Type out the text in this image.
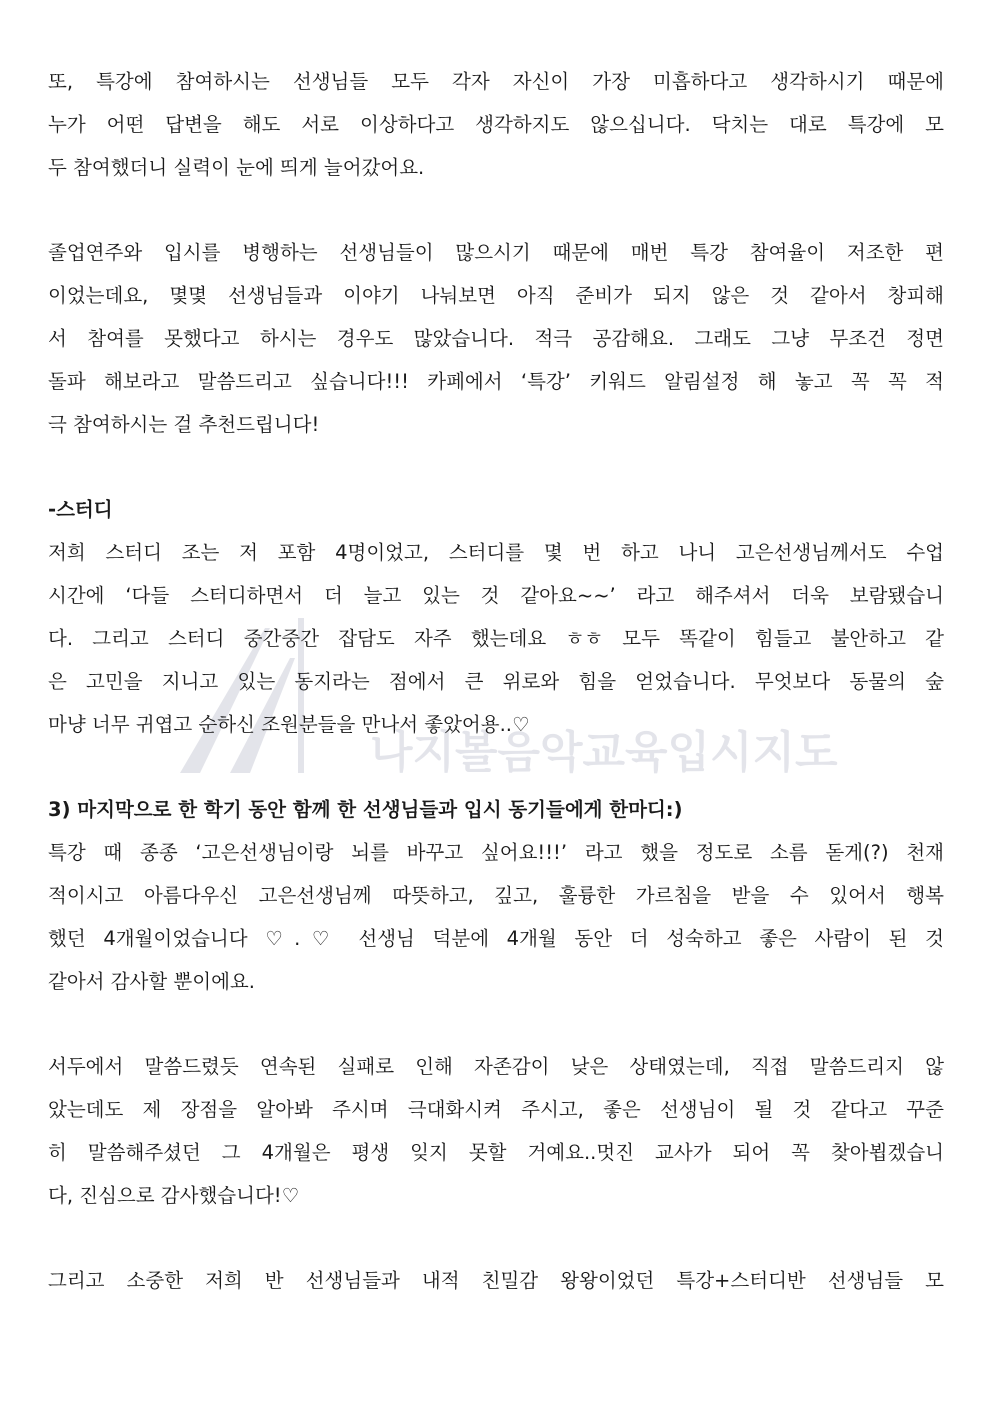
나지볼음악교육입시지도

또, 특강에 참여하시는 선생님들 모두 각자 자신이 가장 미흡하다고 생각하시기 때문에
누가 어떤 답변을 해도 서로 이상하다고 생각하지도 않으십니다. 닥치는 대로 특강에 모
두 참여했더니 실력이 눈에 띄게 늘어갔어요.

졸업연주와 입시를 병행하는 선생님들이 많으시기 때문에 매번 특강 참여율이 저조한 편
이었는데요, 몇몇 선생님들과 이야기 나눠보면 아직 준비가 되지 않은 것 같아서 창피해
서 참여를 못했다고 하시는 경우도 많았습니다. 적극 공감해요. 그래도 그냥 무조건 정면
돌파 해보라고 말씀드리고 싶습니다!!! 카페에서 ‘특강’ 키워드 알림설정 해 놓고 꼭 꼭 적
극 참여하시는 걸 추천드립니다!

-스터디

저희 스터디 조는 저 포함 4명이었고, 스터디를 몇 번 하고 나니 고은선생님께서도 수업
시간에 ‘다들 스터디하면서 더 늘고 있는 것 같아요~~’ 라고 해주셔서 더욱 보람됐습니
다. 그리고 스터디 중간중간 잡담도 자주 했는데요 ㅎㅎ 모두 똑같이 힘들고 불안하고 같
은 고민을 지니고 있는 동지라는 점에서 큰 위로와 힘을 얻었습니다. 무엇보다 동물의 숲
마냥 너무 귀엽고 순하신 조원분들을 만나서 좋았어용..♡

3) 마지막으로 한 학기 동안 함께 한 선생님들과 입시 동기들에게 한마디:)

특강 때 종종 ‘고은선생님이랑 뇌를 바꾸고 싶어요!!!’ 라고 했을 정도로 소름 돋게(?) 천재
적이시고 아름다우신 고은선생님께 따뜻하고, 깊고, 훌륭한 가르침을 받을 수 있어서 행복
했던 4개월이었습니다 ♡.♡ 선생님 덕분에 4개월 동안 더 성숙하고 좋은 사람이 된 것
같아서 감사할 뿐이에요.

서두에서 말씀드렸듯 연속된 실패로 인해 자존감이 낮은 상태였는데, 직접 말씀드리지 않
았는데도 제 장점을 알아봐 주시며 극대화시켜 주시고, 좋은 선생님이 될 것 같다고 꾸준
히 말씀해주셨던 그 4개월은 평생 잊지 못할 거예요..멋진 교사가 되어 꼭 찾아뵙겠습니
다, 진심으로 감사했습니다!♡

그리고 소중한 저희 반 선생님들과 내적 친밀감 왕왕이었던 특강+스터디반 선생님들 모
